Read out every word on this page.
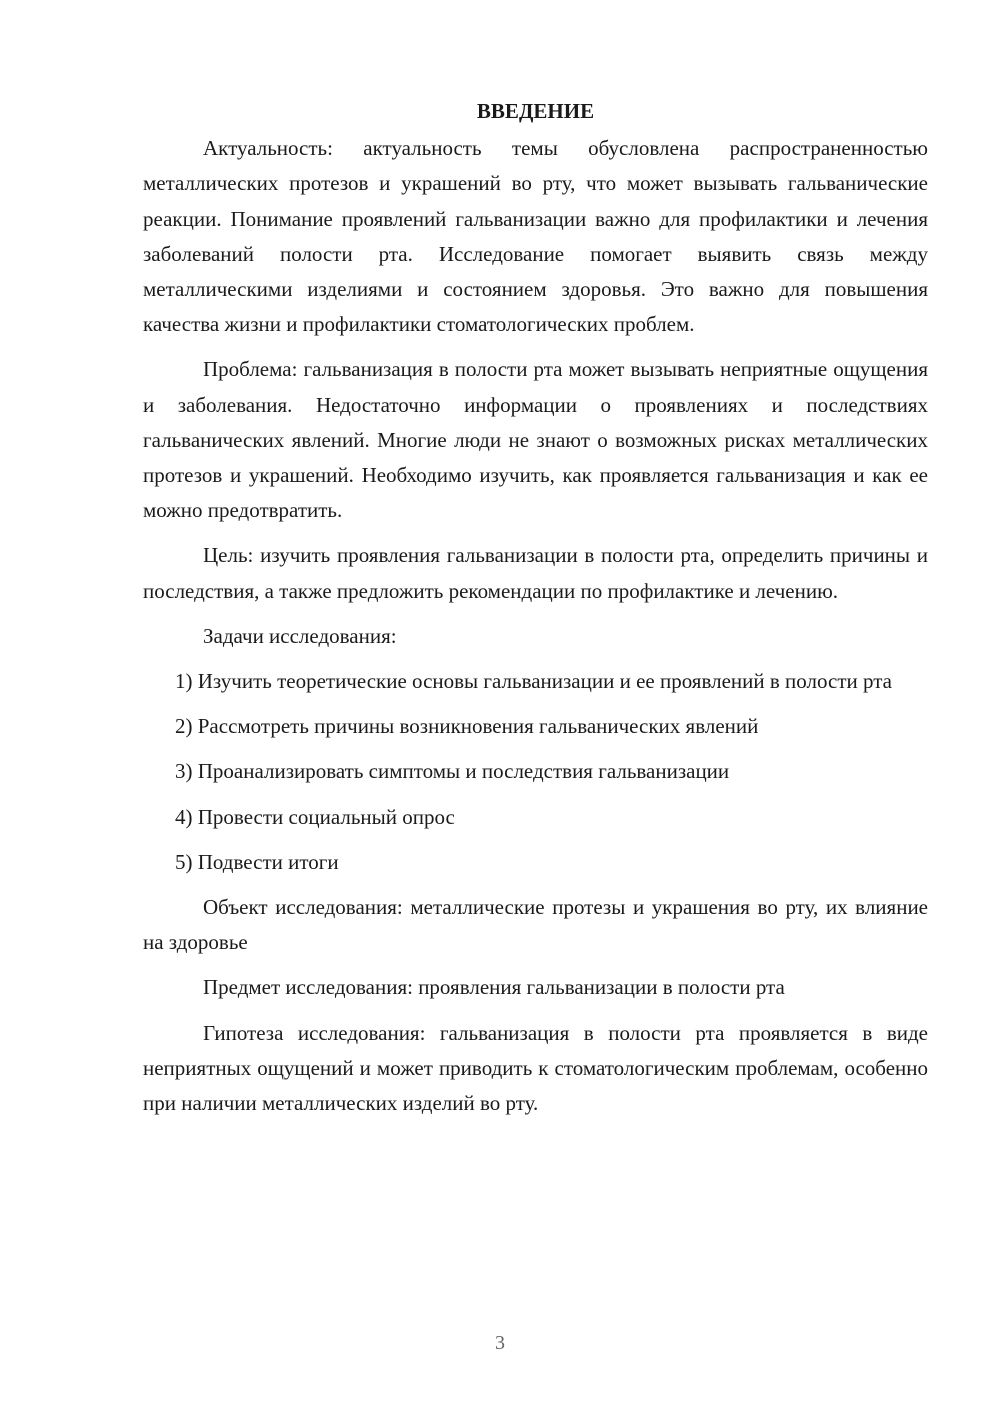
ВВЕДЕНИЕ

Актуальность: актуальность темы обусловлена распространенностью металлических протезов и украшений во рту, что может вызывать гальванические реакции. Понимание проявлений гальванизации важно для профилактики и лечения заболеваний полости рта. Исследование помогает выявить связь между металлическими изделиями и состоянием здоровья. Это важно для повышения качества жизни и профилактики стоматологических проблем.

Проблема: гальванизация в полости рта может вызывать неприятные ощущения и заболевания. Недостаточно информации о проявлениях и последствиях гальванических явлений. Многие люди не знают о возможных рисках металлических протезов и украшений. Необходимо изучить, как проявляется гальванизация и как ее можно предотвратить.

Цель: изучить проявления гальванизации в полости рта, определить причины и последствия, а также предложить рекомендации по профилактике и лечению.

Задачи исследования:

1) Изучить теоретические основы гальванизации и ее проявлений в полости рта

2) Рассмотреть причины возникновения гальванических явлений

3) Проанализировать симптомы и последствия гальванизации

4) Провести социальный опрос

5) Подвести итоги

Объект исследования: металлические протезы и украшения во рту, их влияние на здоровье

Предмет исследования: проявления гальванизации в полости рта

Гипотеза исследования: гальванизация в полости рта проявляется в виде неприятных ощущений и может приводить к стоматологическим проблемам, особенно при наличии металлических изделий во рту.

3
